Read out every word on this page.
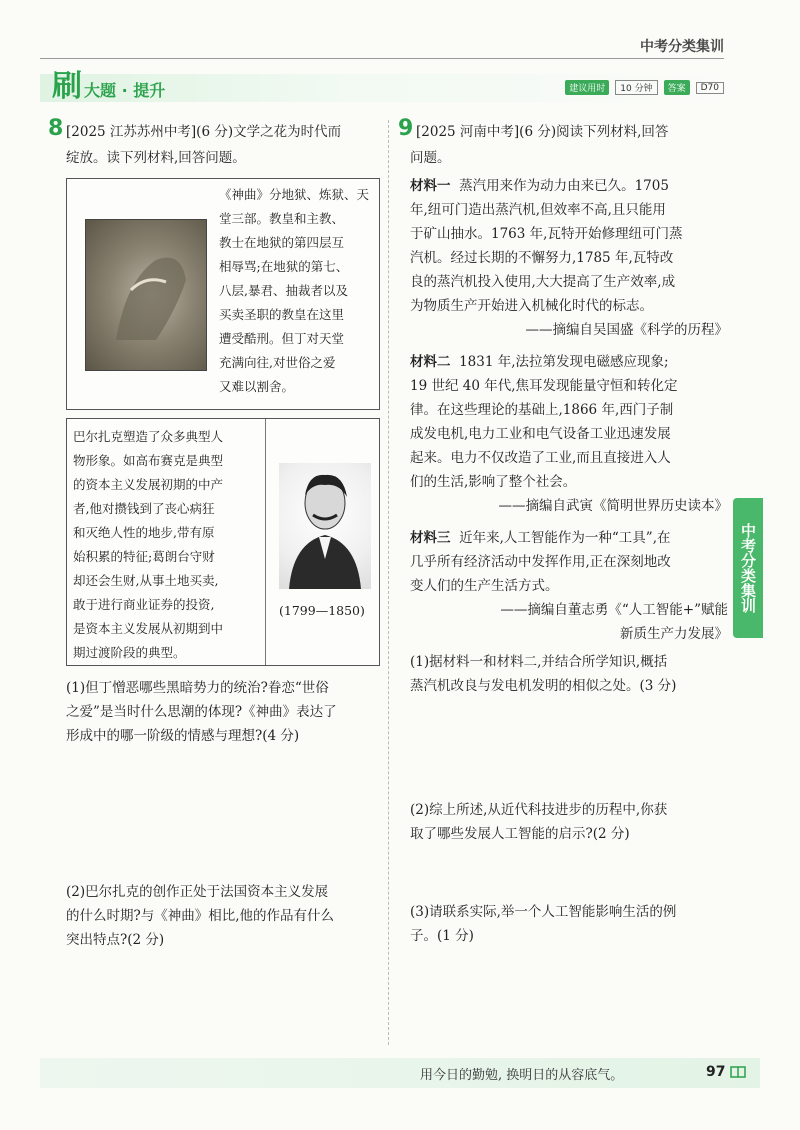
中考分类集训
刷 大题 · 提升	建议用时	10 分钟	答案	D70
8 [2025 江苏苏州中考](6 分)文学之花为时代而
绽放。读下列材料,回答问题。
《神曲》分地狱、炼狱、天
堂三部。教皇和主教、
教士在地狱的第四层互
相辱骂;在地狱的第七、
八层,暴君、抽裁者以及
买卖圣职的教皇在这里
遭受酷刑。但丁对天堂
充满向往,对世俗之爱
又难以割舍。
巴尔扎克塑造了众多典型人
物形象。如高布赛克是典型
的资本主义发展初期的中产
者,他对攒钱到了丧心病狂
和灭绝人性的地步,带有原
始积累的特征;葛朗台守财
却还会生财,从事土地买卖,
敢于进行商业证券的投资,
是资本主义发展从初期到中
期过渡阶段的典型。
(1799—1850)
(1)但丁憎恶哪些黑暗势力的统治?眷恋“世俗
之爱”是当时什么思潮的体现?《神曲》表达了
形成中的哪一阶级的情感与理想?(4 分)
(2)巴尔扎克的创作正处于法国资本主义发展
的什么时期?与《神曲》相比,他的作品有什么
突出特点?(2 分)
9 [2025 河南中考](6 分)阅读下列材料,回答
问题。
材料一 蒸汽用来作为动力由来已久。1705
年,纽可门造出蒸汽机,但效率不高,且只能用
于矿山抽水。1763 年,瓦特开始修理纽可门蒸
汽机。经过长期的不懈努力,1785 年,瓦特改
良的蒸汽机投入使用,大大提高了生产效率,成
为物质生产开始进入机械化时代的标志。
——摘编自吴国盛《科学的历程》
材料二 1831 年,法拉第发现电磁感应现象;
19 世纪 40 年代,焦耳发现能量守恒和转化定
律。在这些理论的基础上,1866 年,西门子制
成发电机,电力工业和电气设备工业迅速发展
起来。电力不仅改造了工业,而且直接进入人
们的生活,影响了整个社会。
——摘编自武寅《简明世界历史读本》
材料三 近年来,人工智能作为一种“工具”,在
几乎所有经济活动中发挥作用,正在深刻地改
变人们的生产生活方式。
——摘编自董志勇《“人工智能+”赋能
新质生产力发展》
(1)据材料一和材料二,并结合所学知识,概括
蒸汽机改良与发电机发明的相似之处。(3 分)
(2)综上所述,从近代科技进步的历程中,你获
取了哪些发展人工智能的启示?(2 分)
(3)请联系实际,举一个人工智能影响生活的例
子。(1 分)
中考分类集训
用今日的勤勉, 换明日的从容底气。	97
